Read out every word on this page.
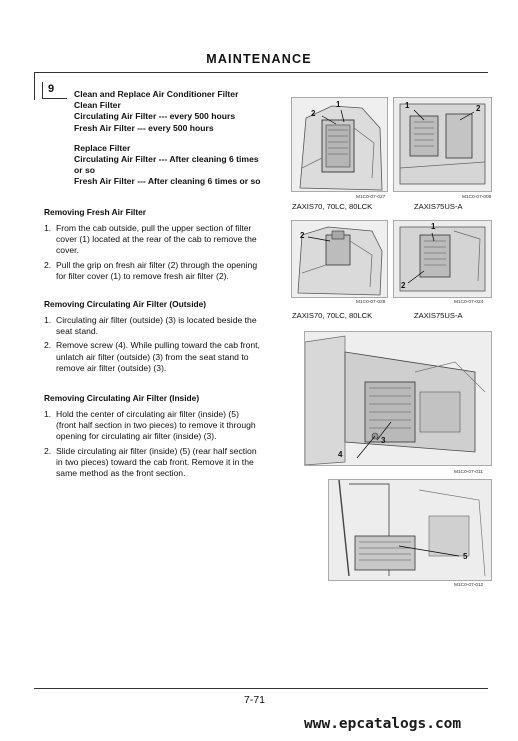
MAINTENANCE
9 Clean and Replace Air Conditioner Filter
Clean Filter
Circulating Air Filter --- every 500 hours
Fresh Air Filter --- every 500 hours
Replace Filter
Circulating Air Filter --- After cleaning 6 times
or so
Fresh Air Filter --- After cleaning 6 times or so
Removing Fresh Air Filter
1. From the cab outside, pull the upper section of filter
cover (1) located at the rear of the cab to remove the
cover.
2. Pull the grip on fresh air filter (2) through the opening
for filter cover (1) to remove fresh air filter (2).
Removing Circulating Air Filter (Outside)
1. Circulating air filter (outside) (3) is located beside the
seat stand.
2. Remove screw (4). While pulling toward the cab front,
unlatch air filter (outside) (3) from the seat stand to
remove air filter (outside) (3).
Removing Circulating Air Filter (Inside)
1. Hold the center of circulating air filter (inside) (5)
(front half section in two pieces) to remove it through
opening for circulating air filter (inside) (3).
2. Slide circulating air filter (inside) (5) (rear half section
in two pieces) toward the cab front. Remove it in the
same method as the front section.
2
1
M1C0-07-027
1	2
M1C0-07-009
ZAXIS70, 70LC, 80LCK	ZAXIS75US-A
2
M1C0-07-028
1
2
M1C0-07-024
ZAXIS70, 70LC, 80LCK	ZAXIS75US-A
4
3
M1C0-07-011
5
M1C0-07-012
7-71
www.epcatalogs.com
